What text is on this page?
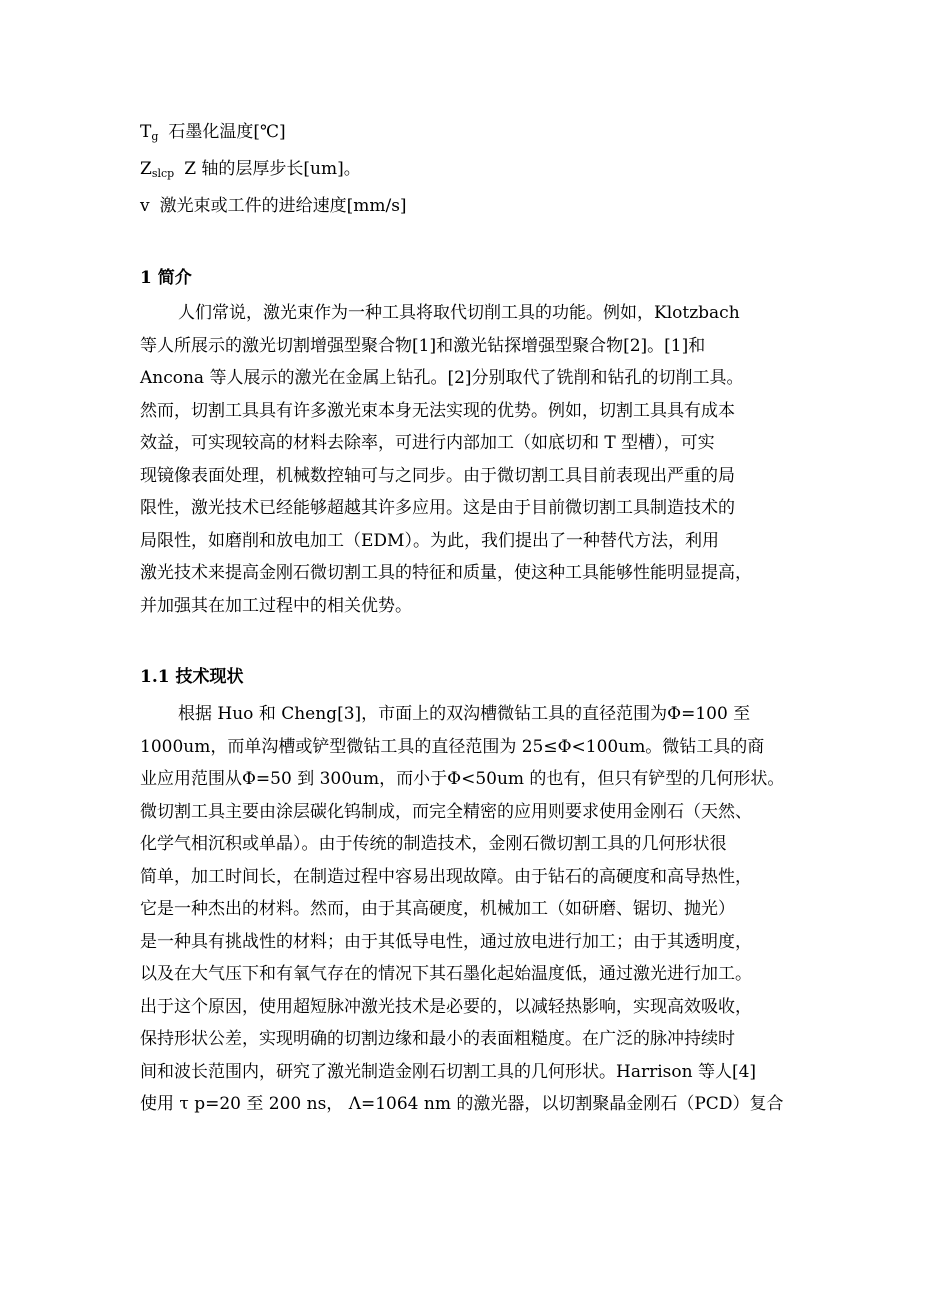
$T_g$ 石墨化温度[℃]
$Z_{slcp}$ Z 轴的层厚步长[um]。
v 激光束或工件的进给速度[mm/s]
1 简介
人们常说，激光束作为一种工具将取代切削工具的功能。例如，Klotzbach
等人所展示的激光切割增强型聚合物[1]和激光钻探增强型聚合物[2]。[1]和
Ancona 等人展示的激光在金属上钻孔。[2]分别取代了铣削和钻孔的切削工具。
然而，切割工具具有许多激光束本身无法实现的优势。例如，切割工具具有成本
效益，可实现较高的材料去除率，可进行内部加工（如底切和 T 型槽），可实
现镜像表面处理，机械数控轴可与之同步。由于微切割工具目前表现出严重的局
限性，激光技术已经能够超越其许多应用。这是由于目前微切割工具制造技术的
局限性，如磨削和放电加工（EDM）。为此，我们提出了一种替代方法，利用
激光技术来提高金刚石微切割工具的特征和质量，使这种工具能够性能明显提高，
并加强其在加工过程中的相关优势。
1.1 技术现状
根据 Huo 和 Cheng[3]，市面上的双沟槽微钻工具的直径范围为Φ=100 至
1000um，而单沟槽或铲型微钻工具的直径范围为 25≤Φ<100um。微钻工具的商
业应用范围从Φ=50 到 300um，而小于Φ<50um 的也有，但只有铲型的几何形状。
微切割工具主要由涂层碳化钨制成，而完全精密的应用则要求使用金刚石（天然、
化学气相沉积或单晶）。由于传统的制造技术，金刚石微切割工具的几何形状很
简单，加工时间长，在制造过程中容易出现故障。由于钻石的高硬度和高导热性，
它是一种杰出的材料。然而，由于其高硬度，机械加工（如研磨、锯切、抛光）
是一种具有挑战性的材料；由于其低导电性，通过放电进行加工；由于其透明度，
以及在大气压下和有氧气存在的情况下其石墨化起始温度低，通过激光进行加工。
出于这个原因，使用超短脉冲激光技术是必要的，以减轻热影响，实现高效吸收，
保持形状公差，实现明确的切割边缘和最小的表面粗糙度。在广泛的脉冲持续时
间和波长范围内，研究了激光制造金刚石切割工具的几何形状。Harrison 等人[4]
使用 τ p=20 至 200 ns， Λ=1064 nm 的激光器，以切割聚晶金刚石（PCD）复合
